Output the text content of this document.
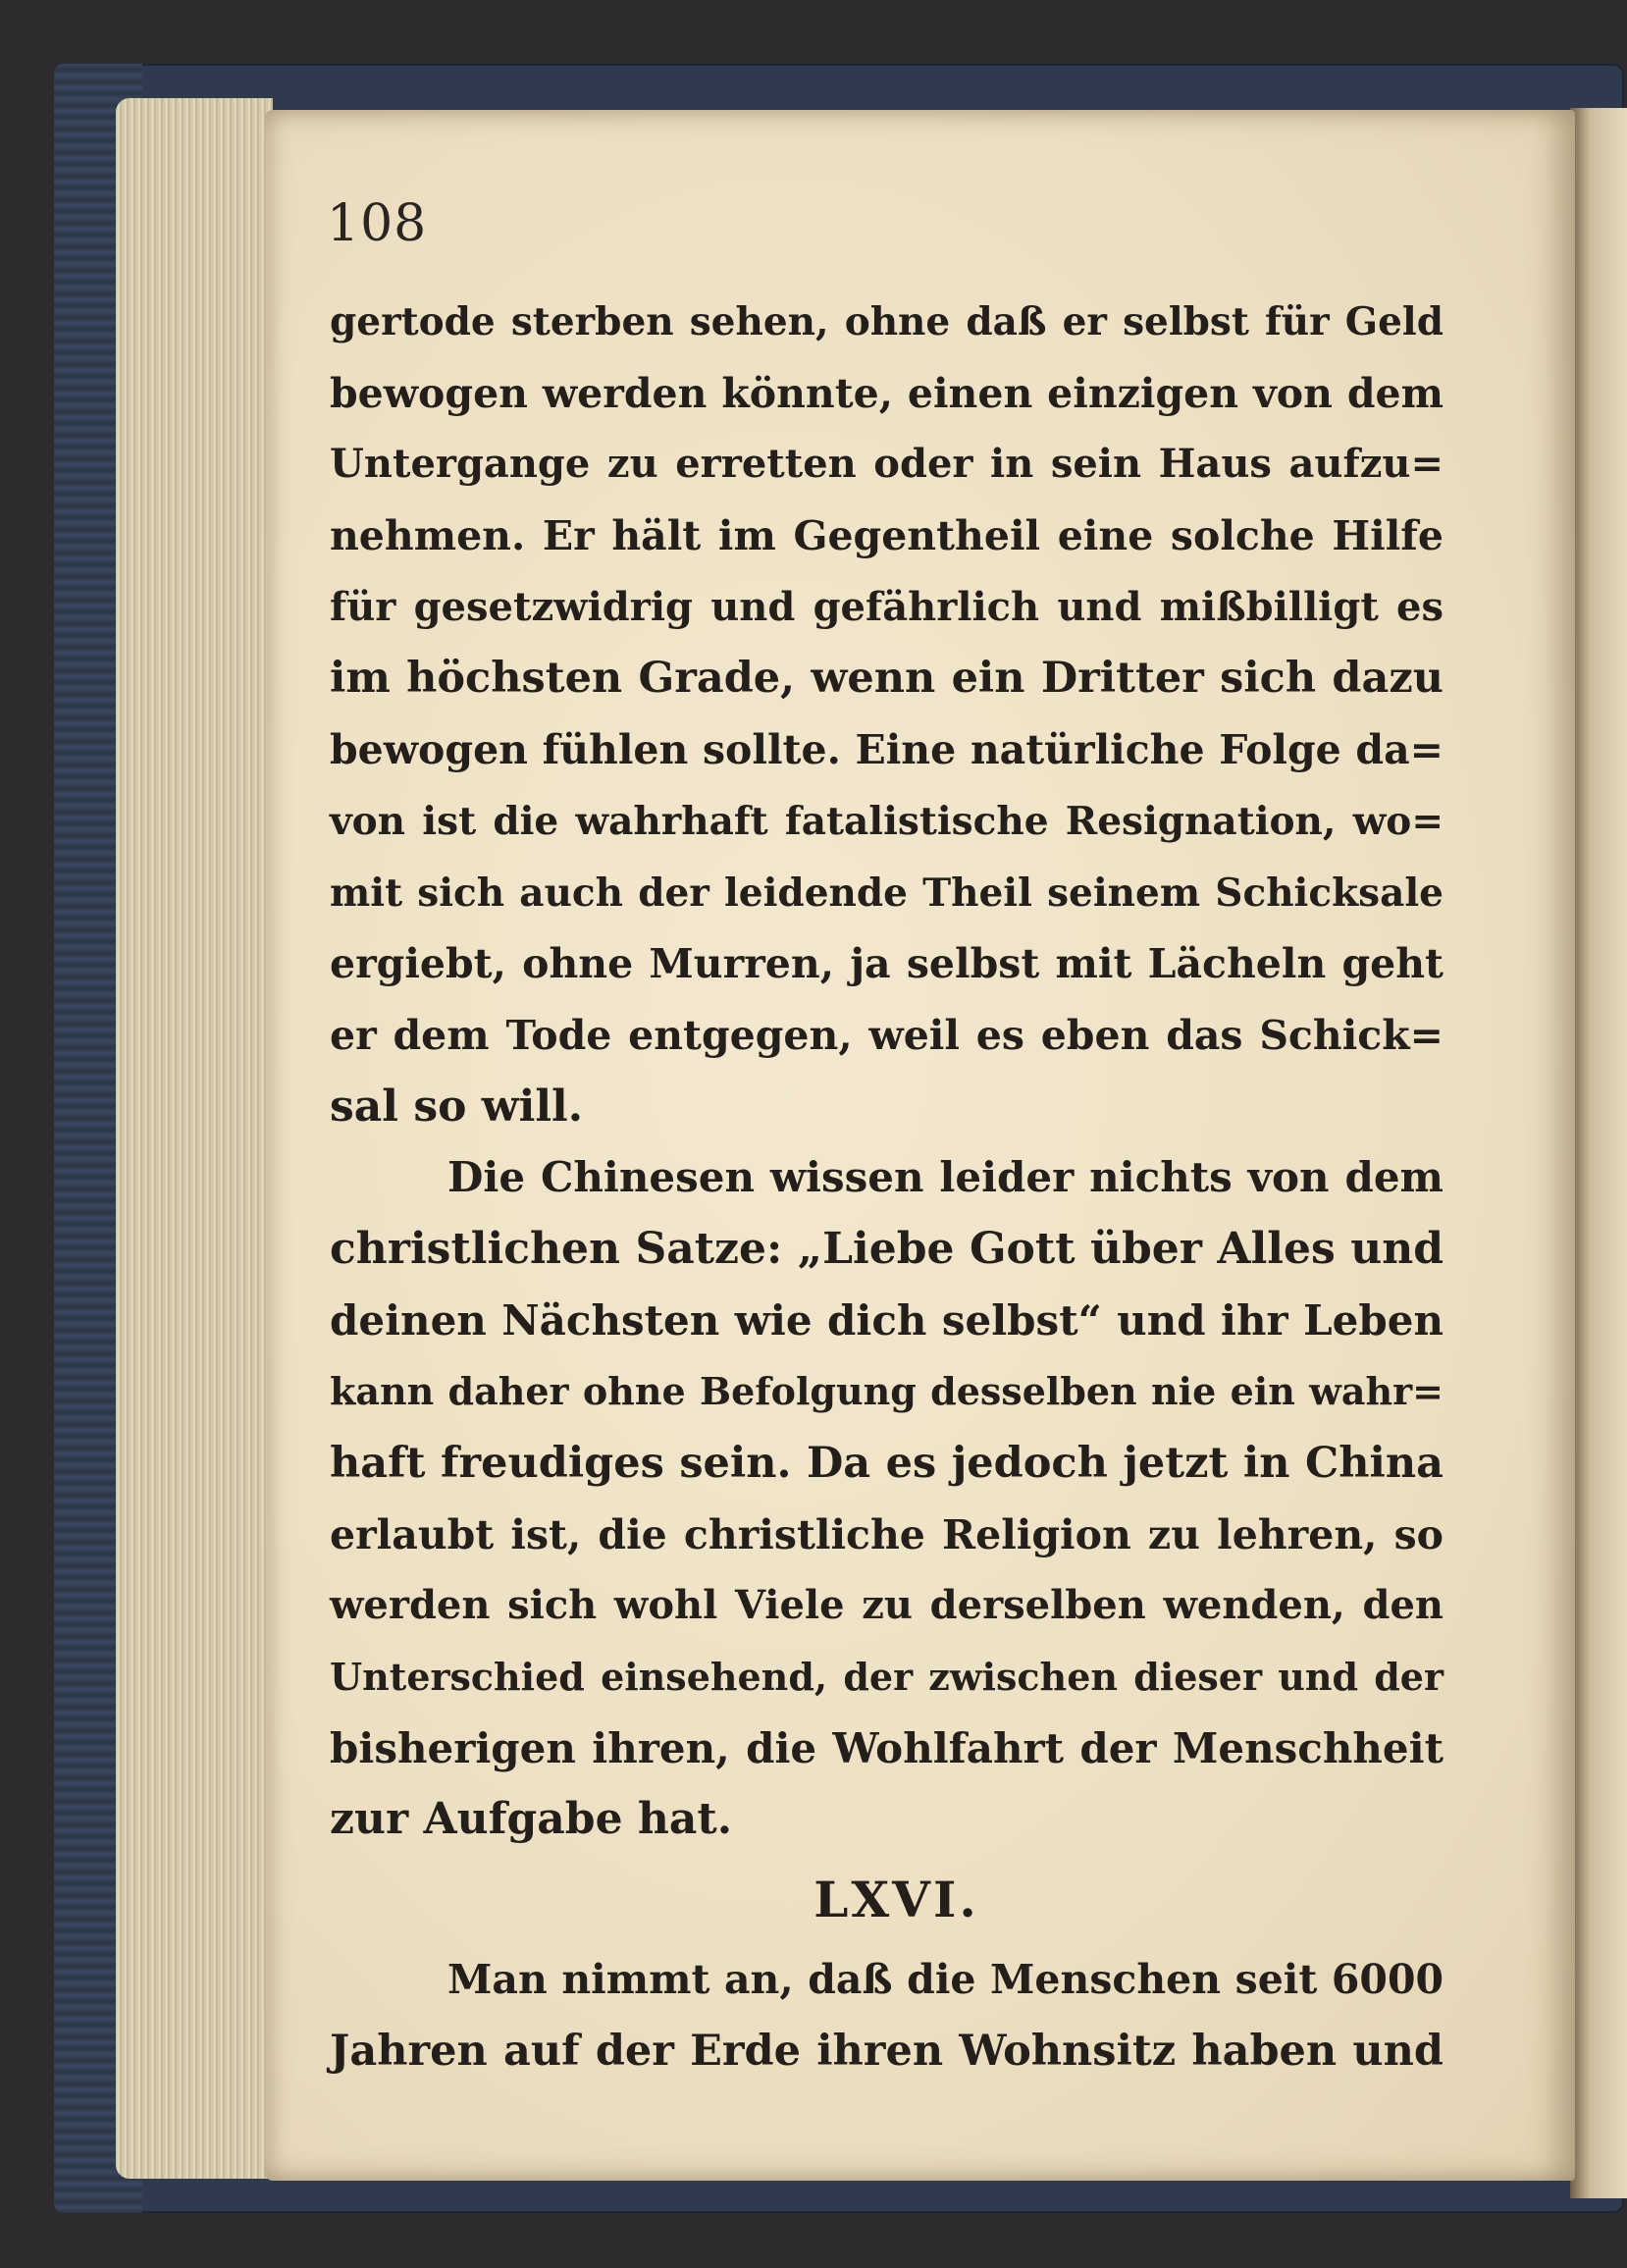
108
gertode sterben sehen, ohne daß er selbst für Geld
bewogen werden könnte, einen einzigen von dem
Untergange zu erretten oder in sein Haus aufzu=
nehmen. Er hält im Gegentheil eine solche Hilfe
für gesetzwidrig und gefährlich und mißbilligt es
im höchsten Grade, wenn ein Dritter sich dazu
bewogen fühlen sollte. Eine natürliche Folge da=
von ist die wahrhaft fatalistische Resignation, wo=
mit sich auch der leidende Theil seinem Schicksale
ergiebt, ohne Murren, ja selbst mit Lächeln geht
er dem Tode entgegen, weil es eben das Schick=
sal so will.
Die Chinesen wissen leider nichts von dem
christlichen Satze: „Liebe Gott über Alles und
deinen Nächsten wie dich selbst“ und ihr Leben
kann daher ohne Befolgung desselben nie ein wahr=
haft freudiges sein. Da es jedoch jetzt in China
erlaubt ist, die christliche Religion zu lehren, so
werden sich wohl Viele zu derselben wenden, den
Unterschied einsehend, der zwischen dieser und der
bisherigen ihren, die Wohlfahrt der Menschheit
zur Aufgabe hat.
LXVI.
Man nimmt an, daß die Menschen seit 6000
Jahren auf der Erde ihren Wohnsitz haben und
